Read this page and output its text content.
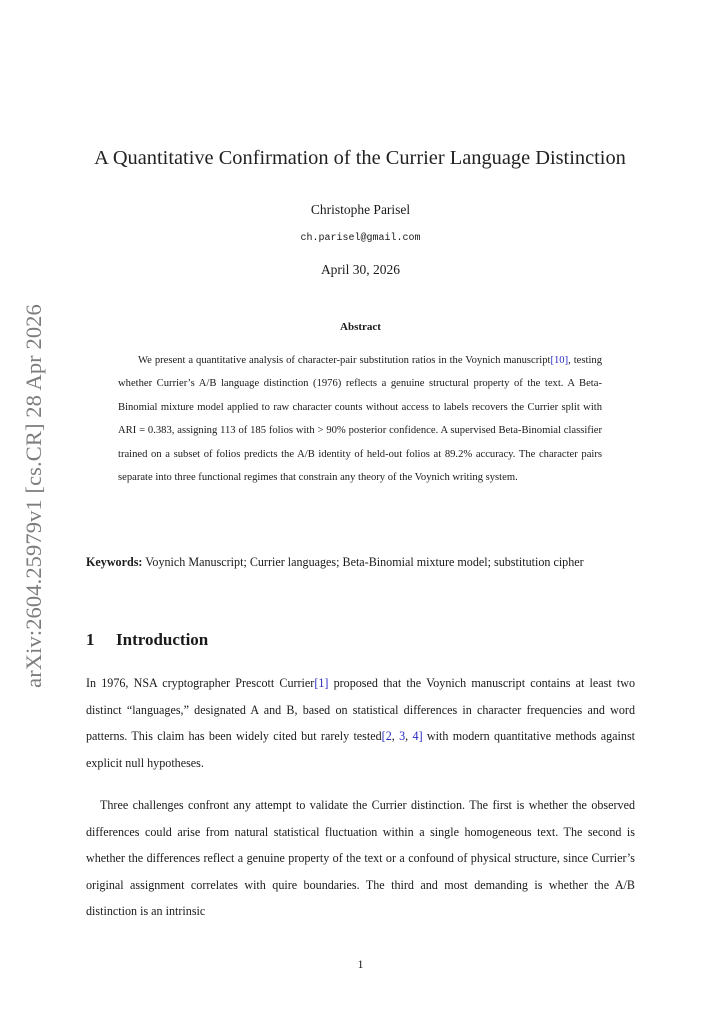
arXiv:2604.25979v1 [cs.CR] 28 Apr 2026
A Quantitative Confirmation of the Currier Language Distinction
Christophe Parisel
ch.parisel@gmail.com
April 30, 2026
Abstract

We present a quantitative analysis of character-pair substitution ratios in the Voynich manuscript[10], testing whether Currier’s A/B language distinction (1976) reflects a genuine structural property of the text. A Beta-Binomial mixture model applied to raw character counts without access to labels recovers the Currier split with ARI = 0.383, assigning 113 of 185 folios with > 90% posterior confidence. A supervised Beta-Binomial classifier trained on a subset of folios predicts the A/B identity of held-out folios at 89.2% accuracy. The character pairs separate into three functional regimes that constrain any theory of the Voynich writing system.

Keywords: Voynich Manuscript; Currier languages; Beta-Binomial mixture model; substitution cipher
1 Introduction

In 1976, NSA cryptographer Prescott Currier[1] proposed that the Voynich manuscript contains at least two distinct “languages,” designated A and B, based on statistical differences in character frequencies and word patterns. This claim has been widely cited but rarely tested[2, 3, 4] with modern quantitative methods against explicit null hypotheses.

Three challenges confront any attempt to validate the Currier distinction. The first is whether the observed differences could arise from natural statistical fluctuation within a single homogeneous text. The second is whether the differences reflect a genuine property of the text or a confound of physical structure, since Currier’s original assignment correlates with quire boundaries. The third and most demanding is whether the A/B distinction is an intrinsic

1
